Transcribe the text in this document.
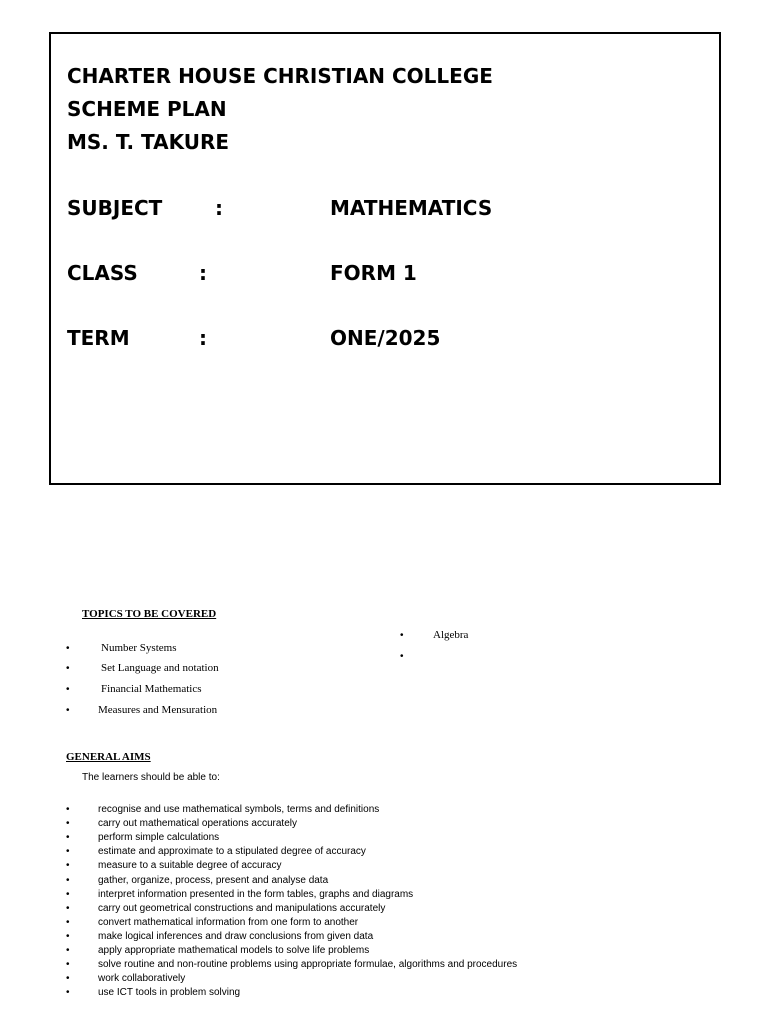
CHARTER HOUSE CHRISTIAN COLLEGE
SCHEME PLAN
MS. T. TAKURE
SUBJECT	:	MATHEMATICS
CLASS	:	FORM 1
TERM	:	ONE/2025
TOPICS TO BE COVERED
•	Number Systems
•	Set Language and notation
•	Financial Mathematics
•	Measures and Mensuration
•	Algebra
•
GENERAL AIMS
The learners should be able to:
•	recognise and use mathematical symbols, terms and definitions
•	carry out mathematical operations accurately
•	perform simple calculations
•	estimate and approximate to a stipulated degree of accuracy
•	measure to a suitable degree of accuracy
•	gather, organize, process, present and analyse data
•	interpret information presented in the form tables, graphs and diagrams
•	carry out geometrical constructions and manipulations accurately
•	convert mathematical information from one form to another
•	make logical inferences and draw conclusions from given data
•	apply appropriate mathematical models to solve life problems
•	solve routine and non-routine problems using appropriate formulae, algorithms and procedures
•	work collaboratively
•	use ICT tools in problem solving
